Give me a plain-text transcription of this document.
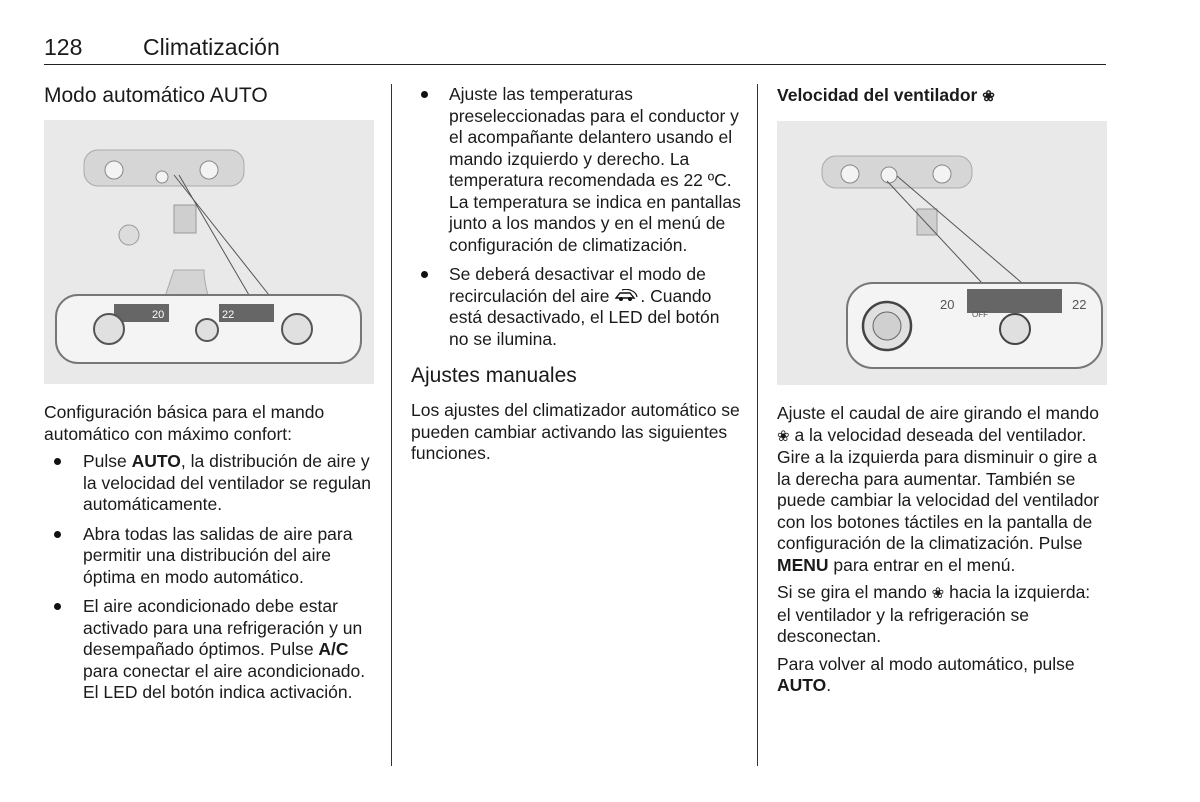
128	Climatización
Modo automático AUTO
20	22

Configuración básica para el mando automático con máximo confort:

Pulse AUTO, la distribución de aire y la velocidad del ventilador se regulan automáticamente.
Abra todas las salidas de aire para permitir una distribución del aire óptima en modo automático.
El aire acondicionado debe estar activado para una refrigeración y un desempañado óptimos. Pulse A/C para conectar el aire acondicionado. El LED del botón indica activación.
Ajuste las temperaturas preseleccionadas para el conductor y el acompañante delantero usando el mando izquierdo y derecho. La temperatura recomendada es 22 ºC. La temperatura se indica en pantallas junto a los mandos y en el menú de configuración de climatización.
Se deberá desactivar el modo de recirculación del aire . Cuando está desactivado, el LED del botón no se ilumina.
Ajustes manuales

Los ajustes del climatizador automático se pueden cambiar activando las siguientes funciones.

Velocidad del ventilador ❀
20
OFF
22

Ajuste el caudal de aire girando el mando ❀ a la velocidad deseada del ventilador. Gire a la izquierda para disminuir o gire a la derecha para aumentar. También se puede cambiar la velocidad del ventilador con los botones táctiles en la pantalla de configuración de la climatización. Pulse MENU para entrar en el menú.

Si se gira el mando ❀ hacia la izquierda: el ventilador y la refrigeración se desconectan.

Para volver al modo automático, pulse AUTO.
